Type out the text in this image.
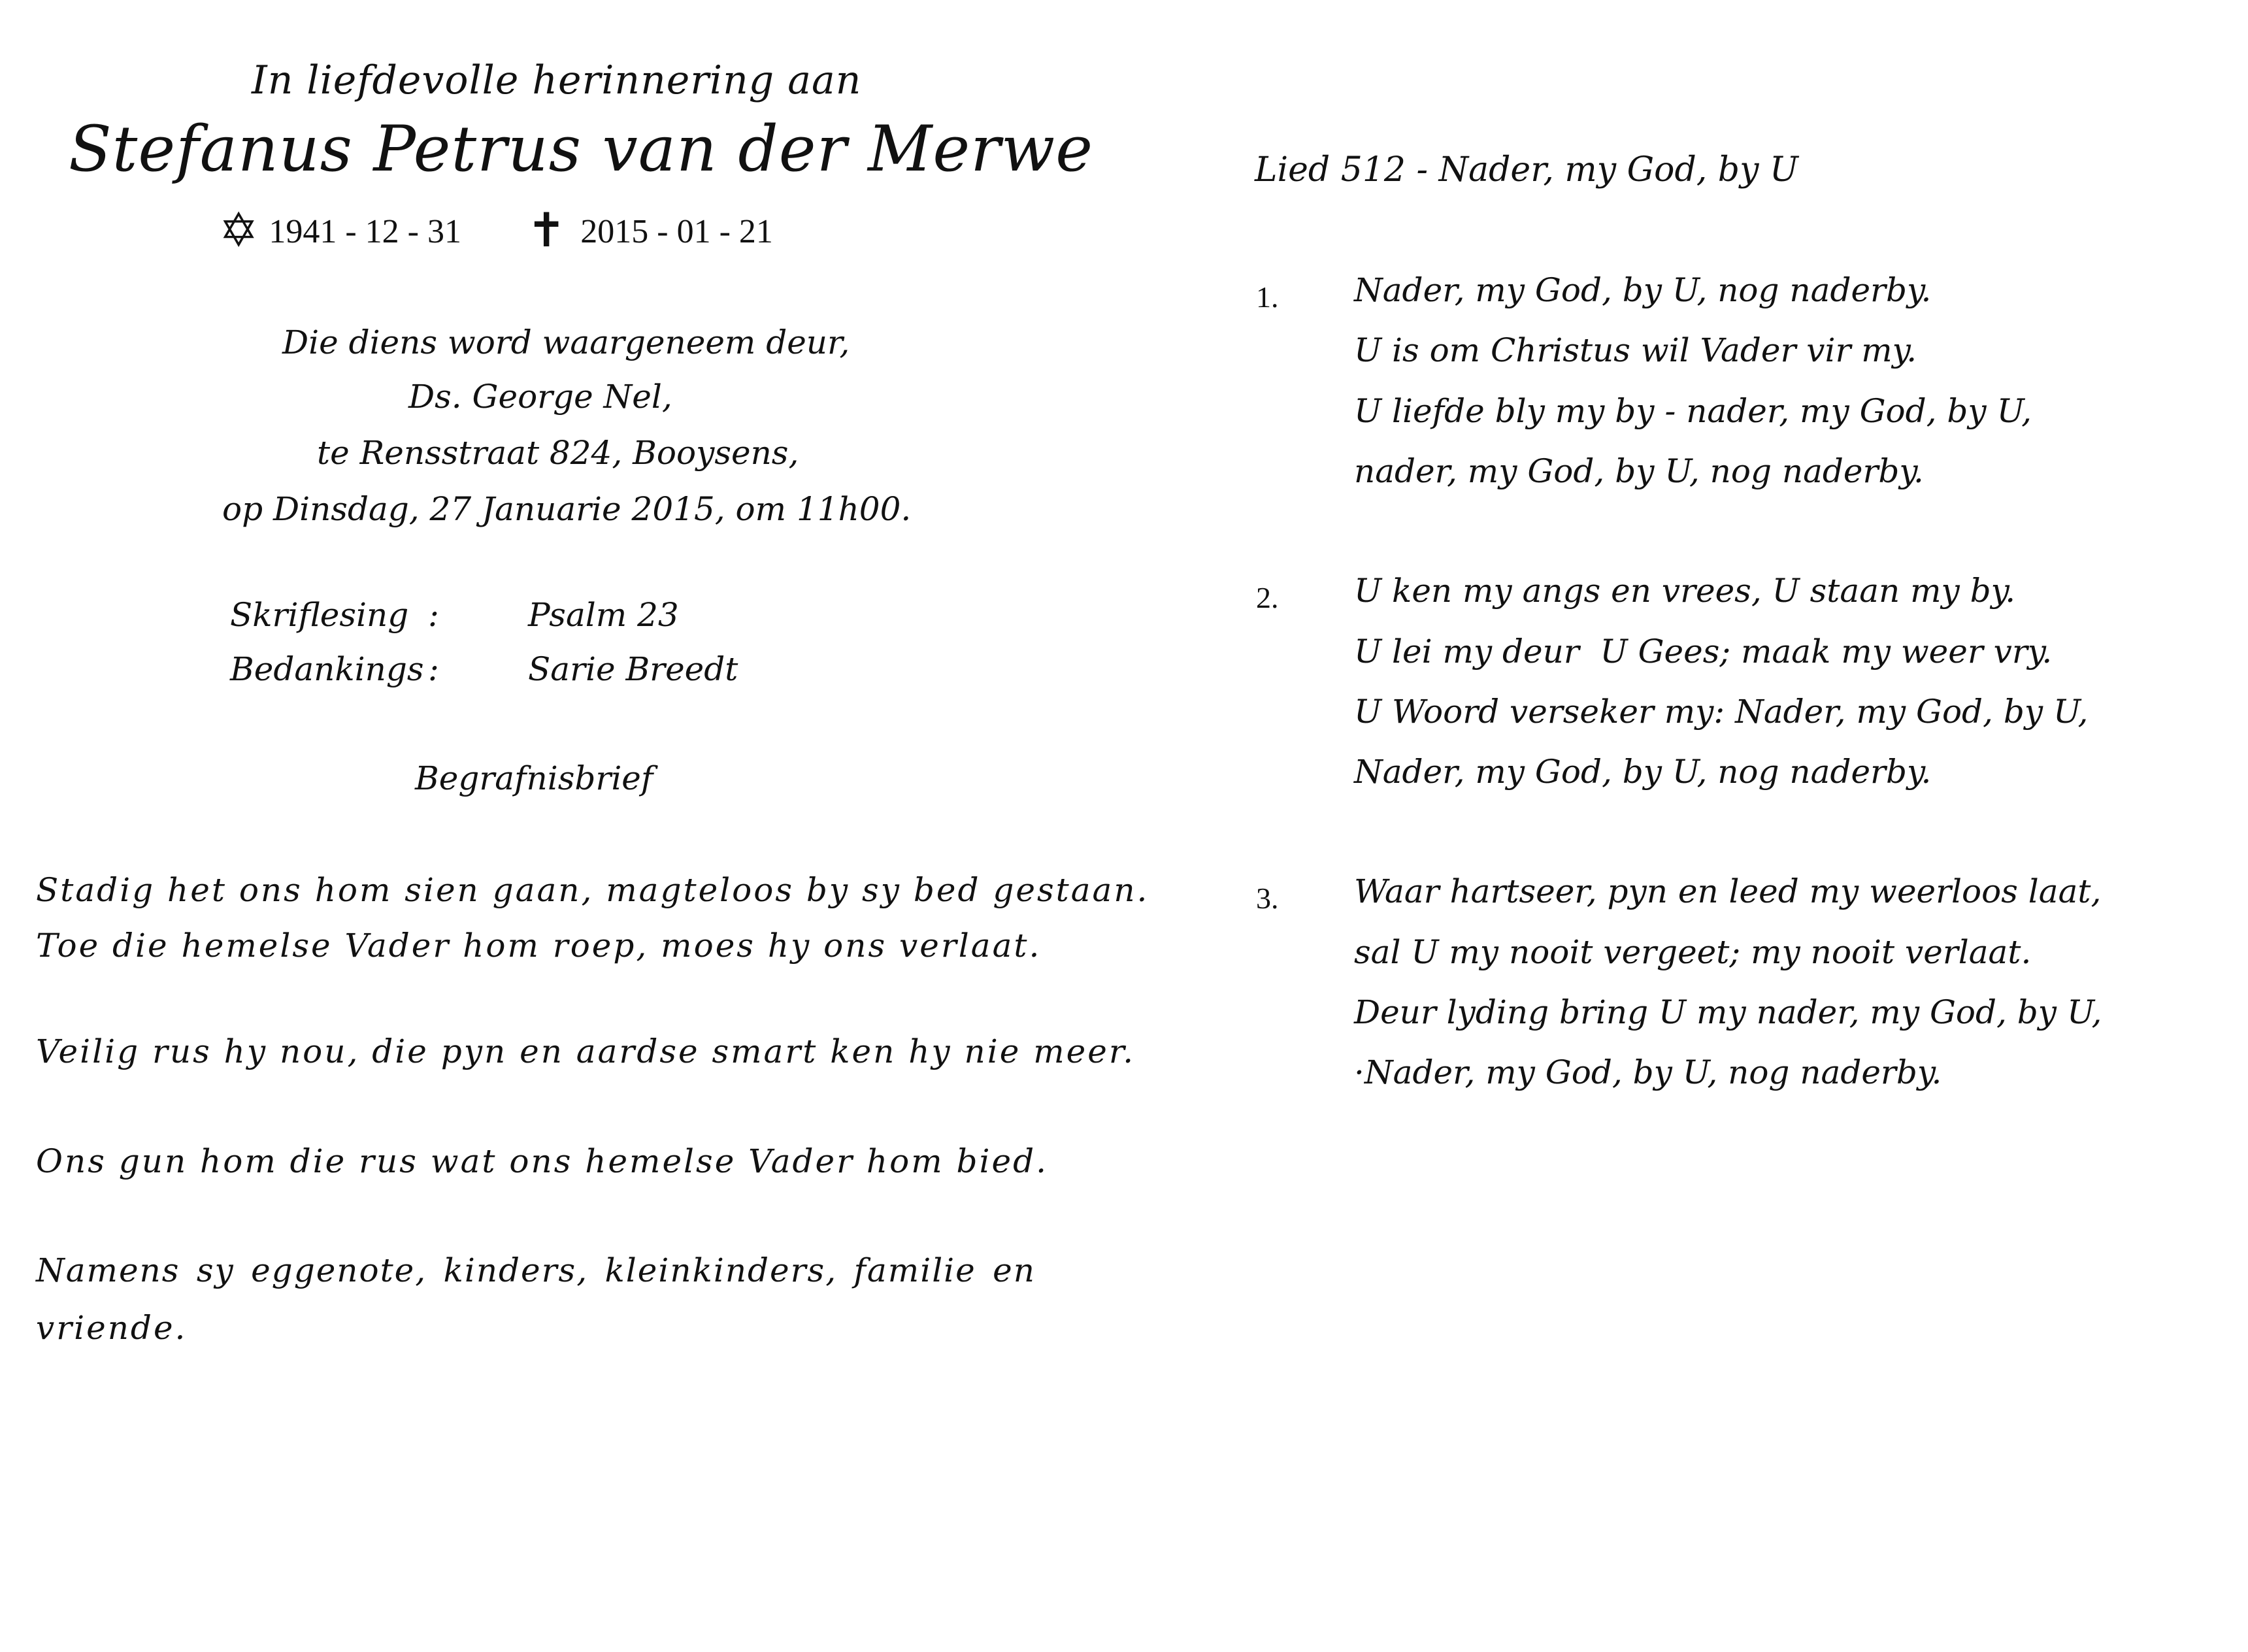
In liefdevolle herinnering aan
Stefanus Petrus van der Merwe
✡ 1941 - 12 - 31 ✝ 2015 - 01 - 21
Die diens word waargeneem deur,
Ds. George Nel,
te Rensstraat 824, Booysens,
op Dinsdag, 27 Januarie 2015, om 11h00.
Skriflesing :	Psalm 23
Bedankings :	Sarie Breedt
Begrafnisbrief
Stadig het ons hom sien gaan, magteloos by sy bed gestaan.
Toe die hemelse Vader hom roep, moes hy ons verlaat.
Veilig rus hy nou, die pyn en aardse smart ken hy nie meer.
Ons gun hom die rus wat ons hemelse Vader hom bied.
Namens sy eggenote, kinders, kleinkinders, familie en
vriende.
Lied 512 - Nader, my God, by U
1. Nader, my God, by U, nog naderby.
U is om Christus wil Vader vir my.
U liefde bly my by - nader, my God, by U,
nader, my God, by U, nog naderby.
2. U ken my angs en vrees, U staan my by.
U lei my deur  U Gees; maak my weer vry.
U Woord verseker my: Nader, my God, by U,
Nader, my God, by U, nog naderby.
3. Waar hartseer, pyn en leed my weerloos laat,
sal U my nooit vergeet; my nooit verlaat.
Deur lyding bring U my nader, my God, by U,
·Nader, my God, by U, nog naderby.
